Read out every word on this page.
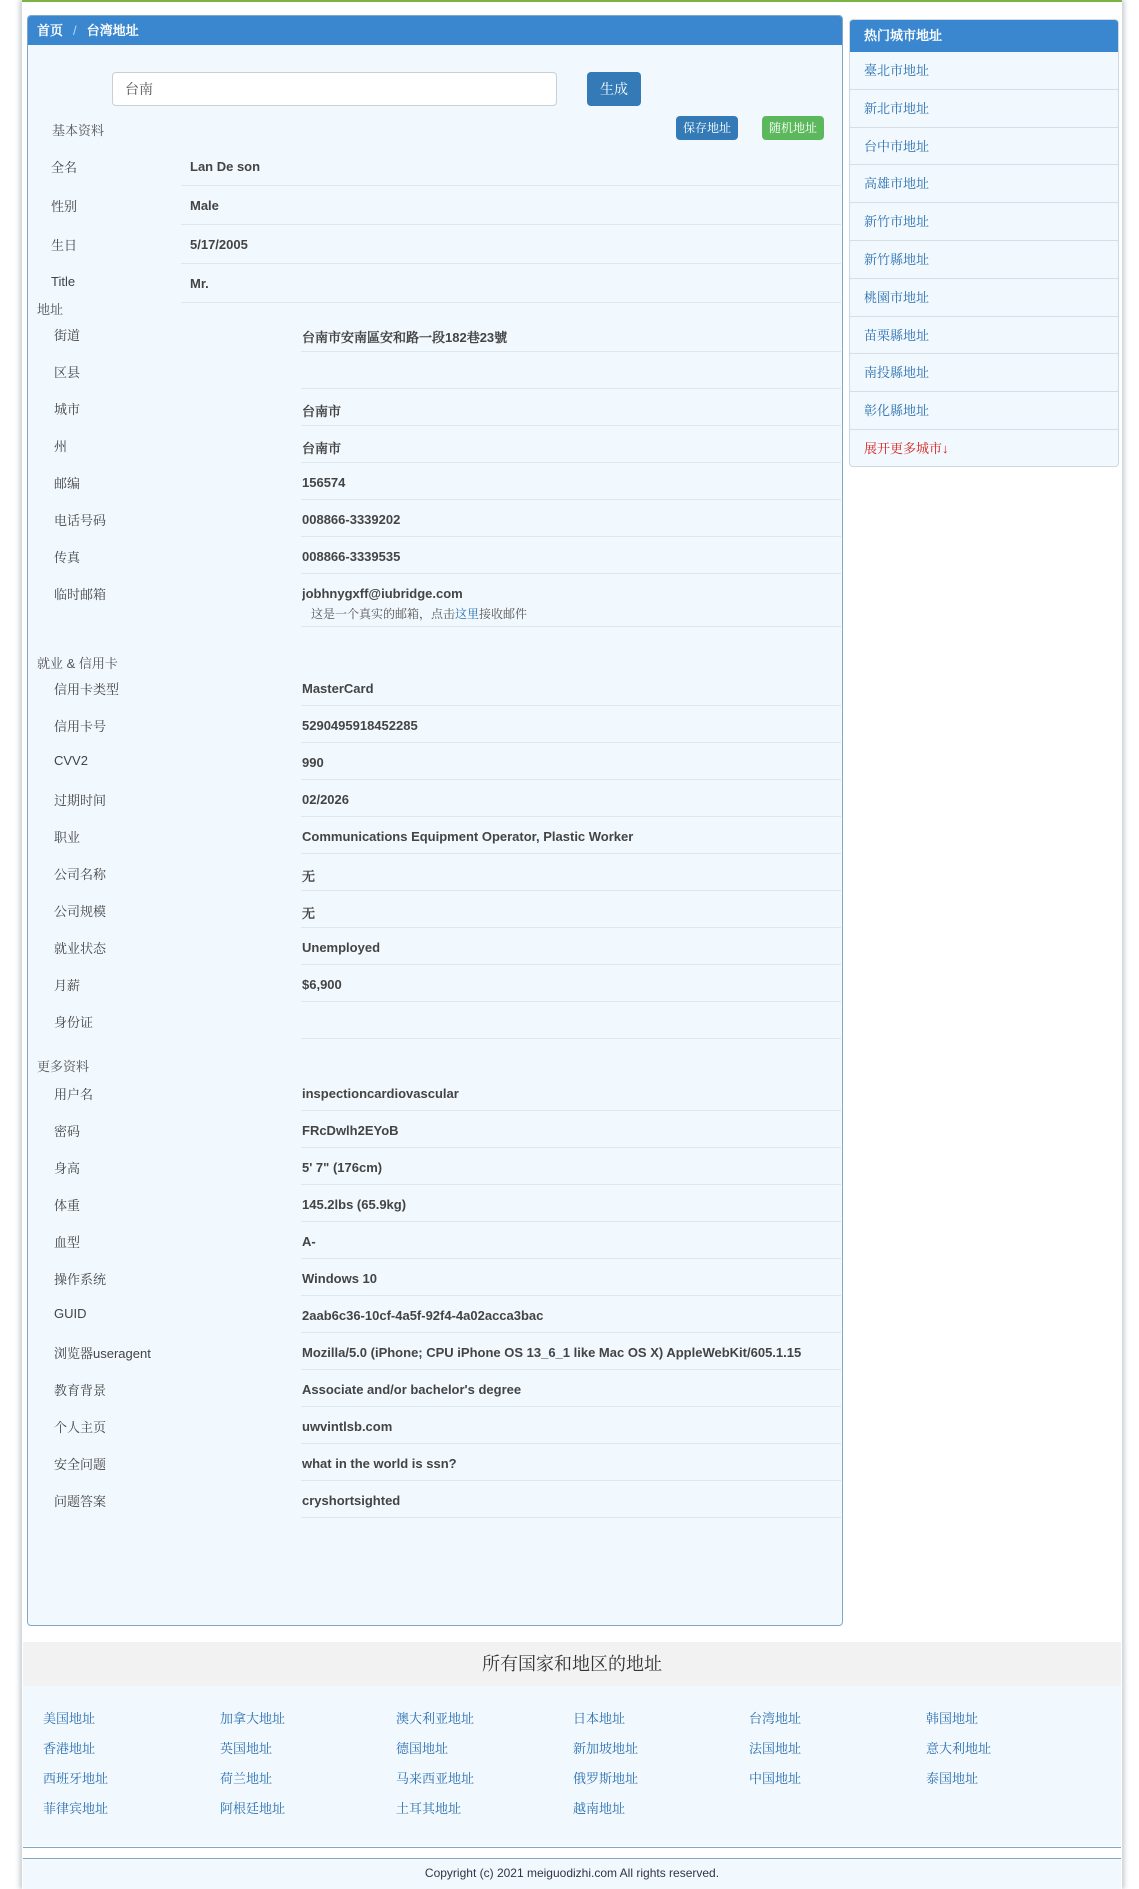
首页 / 台湾地址
台南
生成
保存地址	随机地址
基本资料
全名	Lan De son
性别	Male
生日	5/17/2005
Title	Mr.
地址
街道	台南市安南區安和路一段182巷23號
区县
城市	台南市
州	台南市
邮编	156574
电话号码	008866-3339202
传真	008866-3339535
临时邮箱	jobhnygxff@iubridge.com
这是一个真实的邮箱，点击这里接收邮件
就业 & 信用卡
信用卡类型	MasterCard
信用卡号	5290495918452285
CVV2	990
过期时间	02/2026
职业	Communications Equipment Operator, Plastic Worker
公司名称	无
公司规模	无
就业状态	Unemployed
月薪	$6,900
身份证
更多资料
用户名	inspectioncardiovascular
密码	FRcDwlh2EYoB
身高	5' 7" (176cm)
体重	145.2lbs (65.9kg)
血型	A-
操作系统	Windows 10
GUID	2aab6c36-10cf-4a5f-92f4-4a02acca3bac
浏览器useragent	Mozilla/5.0 (iPhone; CPU iPhone OS 13_6_1 like Mac OS X) AppleWebKit/605.1.15
教育背景	Associate and/or bachelor's degree
个人主页	uwvintlsb.com
安全问题	what in the world is ssn?
问题答案	cryshortsighted
热门城市地址
臺北市地址
新北市地址
台中市地址
高雄市地址
新竹市地址
新竹縣地址
桃園市地址
苗栗縣地址
南投縣地址
彰化縣地址
展开更多城市↓
所有国家和地区的地址
美国地址	加拿大地址	澳大利亚地址	日本地址	台湾地址	韩国地址
香港地址	英国地址	德国地址	新加坡地址	法国地址	意大利地址
西班牙地址	荷兰地址	马来西亚地址	俄罗斯地址	中国地址	泰国地址
菲律宾地址	阿根廷地址	土耳其地址	越南地址
Copyright (c) 2021 meiguodizhi.com All rights reserved.
